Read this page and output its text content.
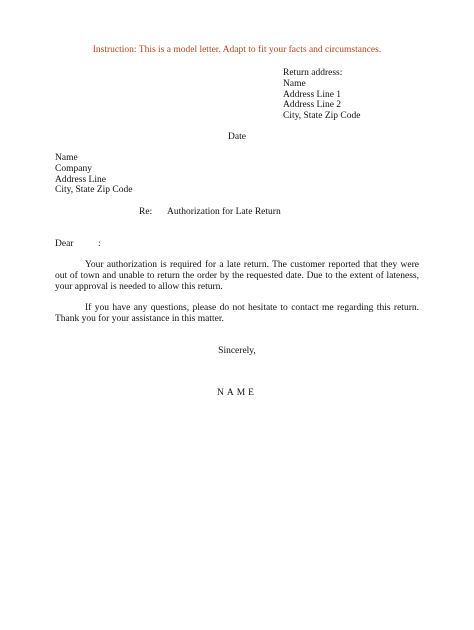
Instruction: This is a model letter. Adapt to fit your facts and circumstances.
Return address:
Name
Address Line 1
Address Line 2
City, State Zip Code
Date
Name
Company
Address Line
City, State Zip Code
Re: Authorization for Late Return
Dear	:

Your authorization is required for a late return. The customer reported that they were out of town and unable to return the order by the requested date. Due to the extent of lateness, your approval is needed to allow this return.

If you have any questions, please do not hesitate to contact me regarding this return. Thank you for your assistance in this matter.

Sincerely,
NAME
